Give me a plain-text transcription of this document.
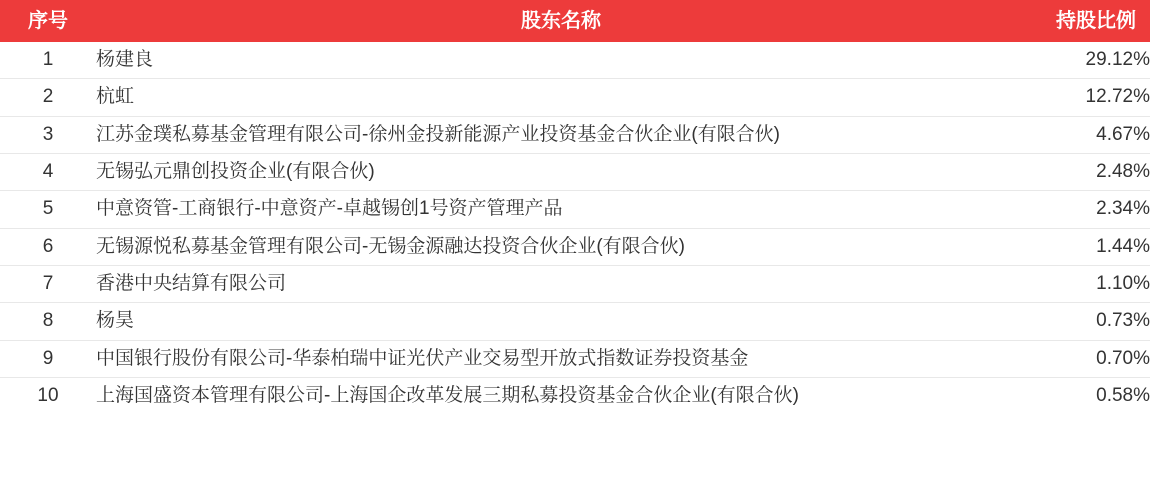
序号	股东名称	持股比例
1	杨建良	29.12%
2	杭虹	12.72%
3	江苏金璞私募基金管理有限公司-徐州金投新能源产业投资基金合伙企业(有限合伙)	4.67%
4	无锡弘元鼎创投资企业(有限合伙)	2.48%
5	中意资管-工商银行-中意资产-卓越锡创1号资产管理产品	2.34%
6	无锡源悦私募基金管理有限公司-无锡金源融达投资合伙企业(有限合伙)	1.44%
7	香港中央结算有限公司	1.10%
8	杨昊	0.73%
9	中国银行股份有限公司-华泰柏瑞中证光伏产业交易型开放式指数证券投资基金	0.70%
10	上海国盛资本管理有限公司-上海国企改革发展三期私募投资基金合伙企业(有限合伙)	0.58%
